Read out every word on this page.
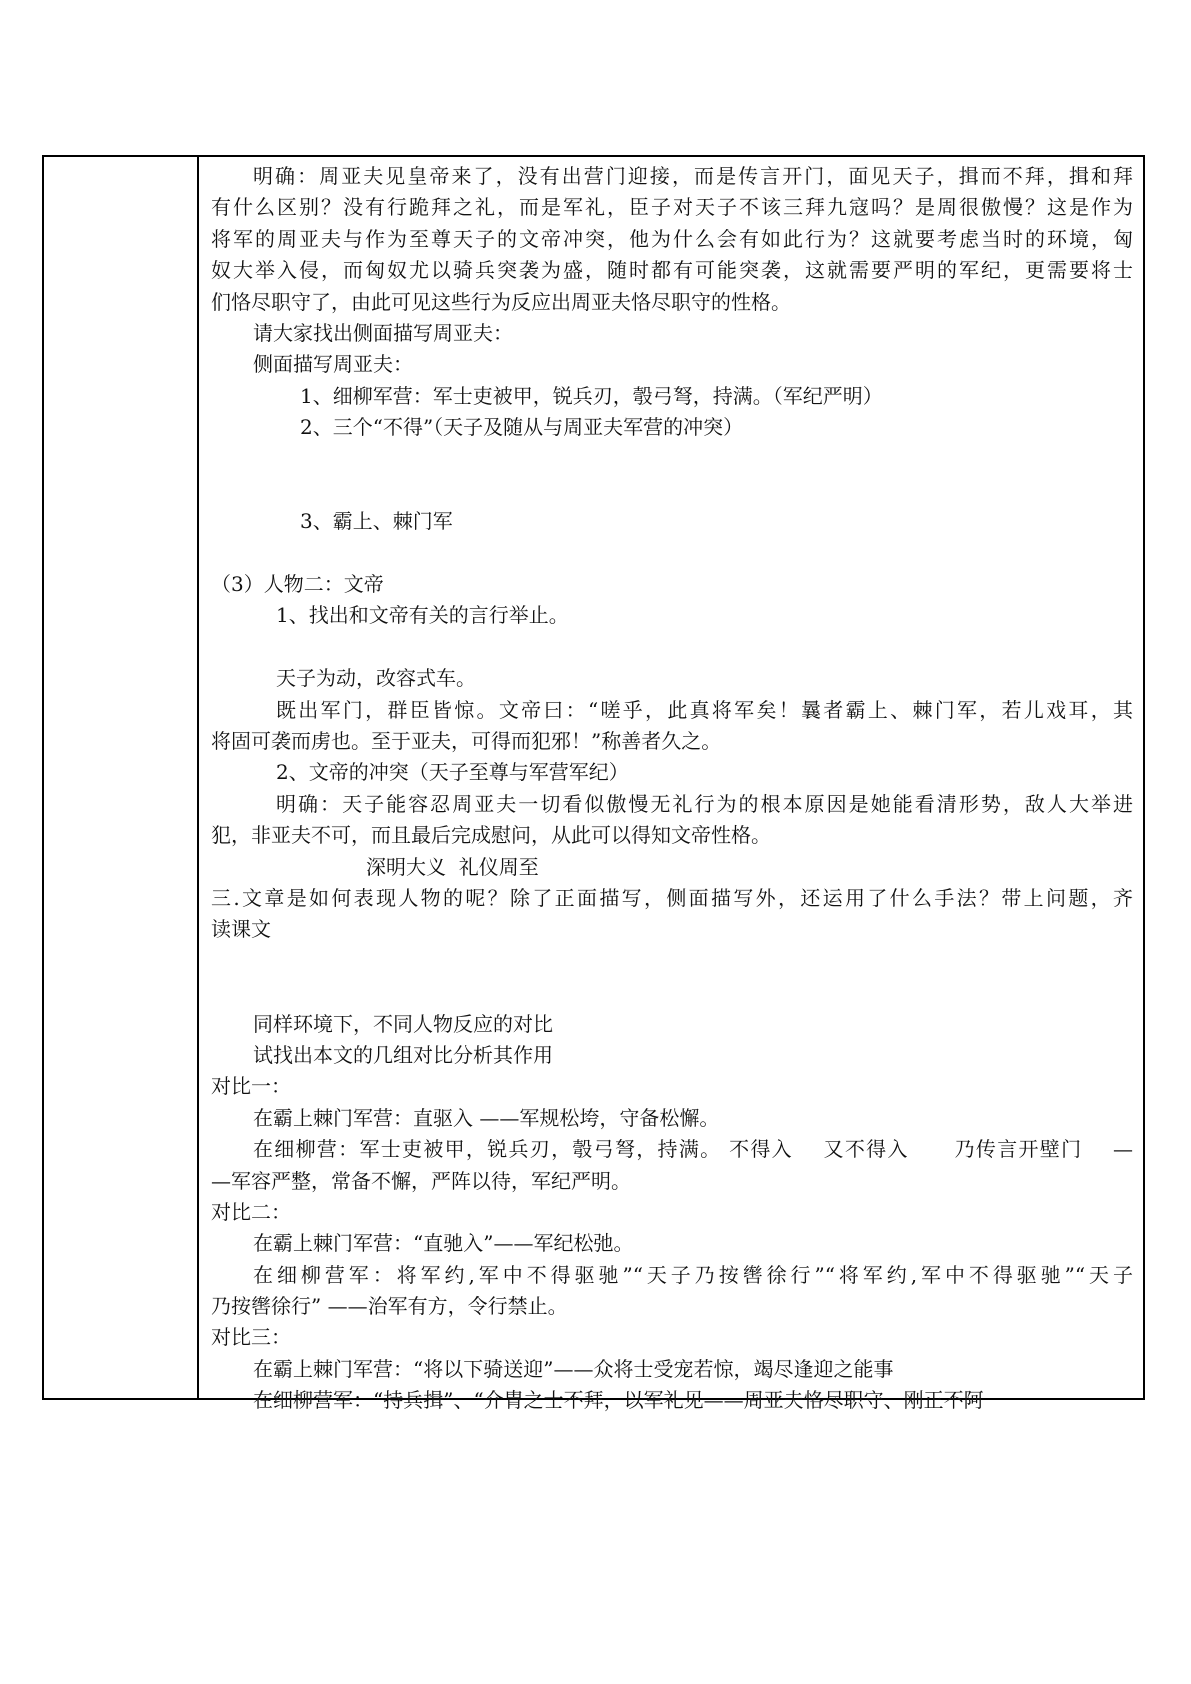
明确：周亚夫见皇帝来了，没有出营门迎接，而是传言开门，面见天子，揖而不拜，揖和拜
有什么区别？没有行跪拜之礼，而是军礼，臣子对天子不该三拜九寇吗？是周很傲慢？这是作为
将军的周亚夫与作为至尊天子的文帝冲突，他为什么会有如此行为？这就要考虑当时的环境，匈
奴大举入侵，而匈奴尤以骑兵突袭为盛，随时都有可能突袭，这就需要严明的军纪，更需要将士
们恪尽职守了，由此可见这些行为反应出周亚夫恪尽职守的性格。
请大家找出侧面描写周亚夫：
侧面描写周亚夫：
1、细柳军营：军士吏被甲，锐兵刃，彀弓弩，持满。（军纪严明）
2、三个“不得”（天子及随从与周亚夫军营的冲突）

3、霸上、棘门军

（3）人物二：文帝
1、找出和文帝有关的言行举止。

天子为动，改容式车。
既出军门，群臣皆惊。文帝曰：“嗟乎，此真将军矣！曩者霸上、棘门军，若儿戏耳，其
将固可袭而虏也。至于亚夫，可得而犯邪！”称善者久之。
2、文帝的冲突（天子至尊与军营军纪）
明确：天子能容忍周亚夫一切看似傲慢无礼行为的根本原因是她能看清形势，敌人大举进
犯，非亚夫不可，而且最后完成慰问，从此可以得知文帝性格。
深明大义  礼仪周至
三.文章是如何表现人物的呢？除了正面描写，侧面描写外，还运用了什么手法？带上问题，齐
读课文

同样环境下，不同人物反应的对比
试找出本文的几组对比分析其作用
对比一：
在霸上棘门军营：直驱入 ——军规松垮，守备松懈。
在细柳营：军士吏被甲，锐兵刃，彀弓弩，持满。 不得入    又不得入      乃传言开壁门    —
—军容严整，常备不懈，严阵以待，军纪严明。
对比二：
在霸上棘门军营：“直驰入”——军纪松弛。
在细柳营军：将军约,军中不得驱驰”“天子乃按辔徐行”“将军约,军中不得驱驰”“天子
乃按辔徐行” ——治军有方，令行禁止。
对比三：
在霸上棘门军营：“将以下骑送迎”——众将士受宠若惊，竭尽逢迎之能事
在细柳营军：“持兵揖”、“介胄之士不拜，以军礼见——周亚夫恪尽职守、刚正不阿
